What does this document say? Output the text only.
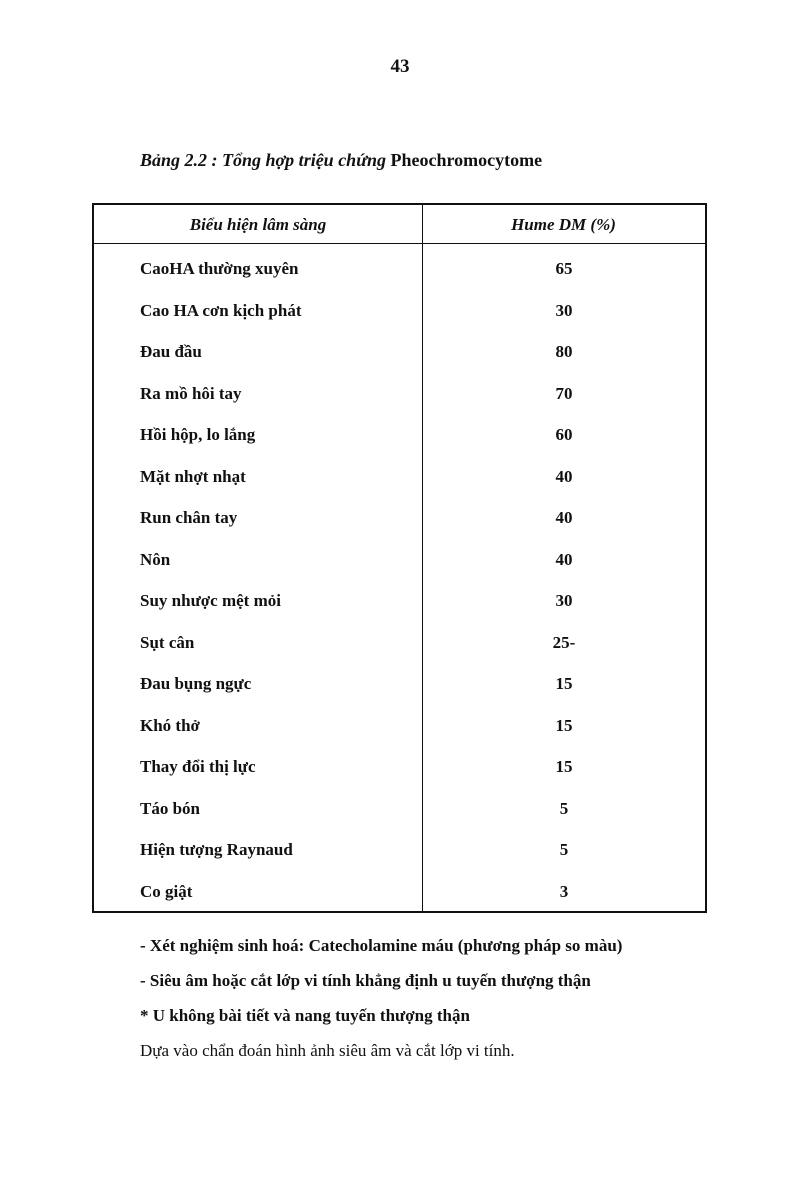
43
Bảng 2.2 : Tổng hợp triệu chứng Pheochromocytome
Biểu hiện lâm sàng	Hume DM (%)
CaoHA thường xuyên	65
Cao HA cơn kịch phát	30
Đau đầu	80
Ra mồ hôi tay	70
Hồi hộp, lo lắng	60
Mặt nhợt nhạt	40
Run chân tay	40
Nôn	40
Suy nhược mệt mỏi	30
Sụt cân	25-
Đau bụng ngực	15
Khó thở	15
Thay đổi thị lực	15
Táo bón	5
Hiện tượng Raynaud	5
Co giật	3
- Xét nghiệm sinh hoá: Catecholamine máu (phương pháp so màu)
- Siêu âm hoặc cắt lớp vi tính khẳng định u tuyến thượng thận
* U không bài tiết và nang tuyến thượng thận
Dựa vào chẩn đoán hình ảnh siêu âm và cắt lớp vi tính.
